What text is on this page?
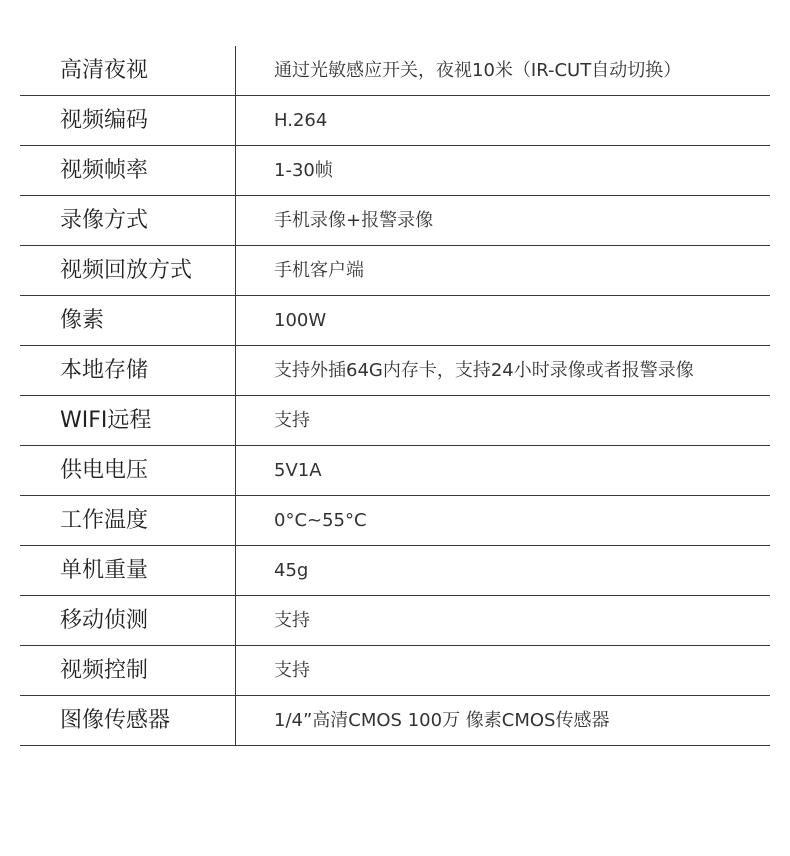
高清夜视	通过光敏感应开关，夜视10米（IR-CUT自动切换）
视频编码	H.264
视频帧率	1-30帧
录像方式	手机录像+报警录像
视频回放方式	手机客户端
像素	100W
本地存储	支持外插64G内存卡，支持24小时录像或者报警录像
WIFI远程	支持
供电电压	5V1A
工作温度	0°C~55°C
单机重量	45g
移动侦测	支持
视频控制	支持
图像传感器	1/4”高清CMOS 100万 像素CMOS传感器
